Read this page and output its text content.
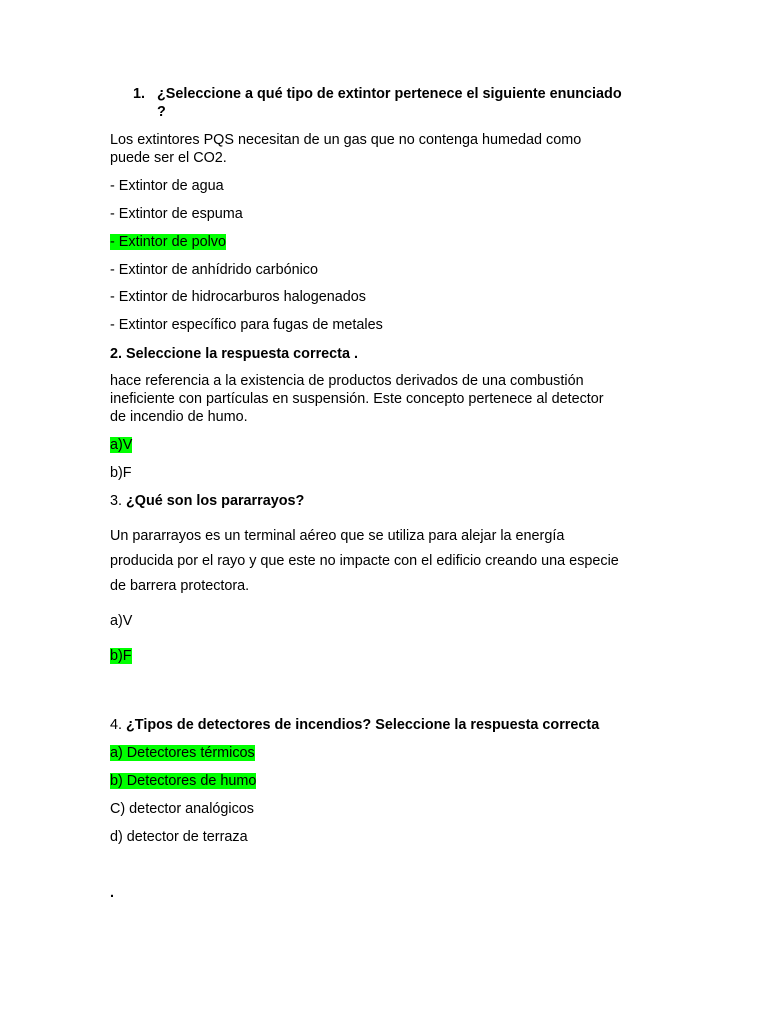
1. ¿Seleccione a qué tipo de extintor pertenece el siguiente enunciado
?
Los extintores PQS necesitan de un gas que no contenga humedad como
puede ser el CO2.
- Extintor de agua
- Extintor de espuma
- Extintor de polvo
- Extintor de anhídrido carbónico
- Extintor de hidrocarburos halogenados
- Extintor específico para fugas de metales
2. Seleccione la respuesta correcta .
hace referencia a la existencia de productos derivados de una combustión
ineficiente con partículas en suspensión. Este concepto pertenece al detector
de incendio de humo.
a)V
b)F
3. ¿Qué son los pararrayos?
Un pararrayos es un terminal aéreo que se utiliza para alejar la energía
producida por el rayo y que este no impacte con el edificio creando una especie
de barrera protectora.
a)V
b)F
4. ¿Tipos de detectores de incendios? Seleccione la respuesta correcta
a) Detectores térmicos
b) Detectores de humo
C) detector analógicos
d) detector de terraza
.
